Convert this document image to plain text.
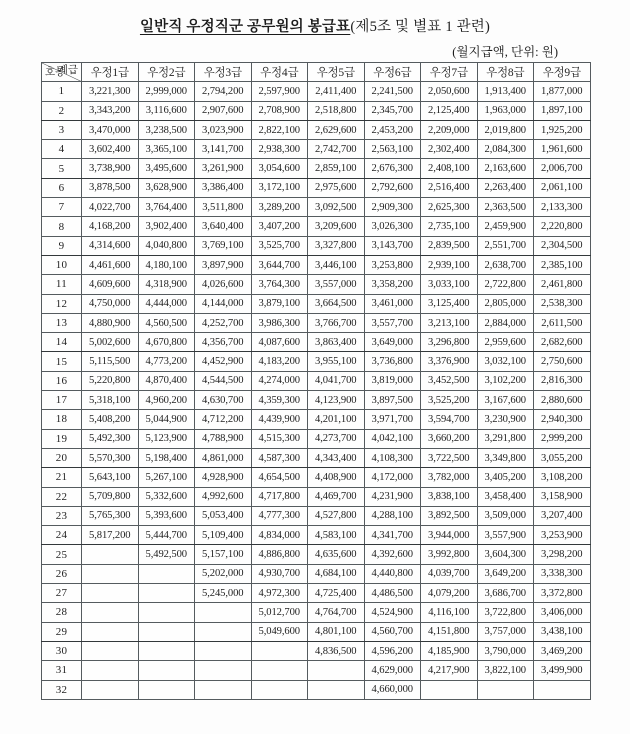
일반직 우정직군 공무원의 봉급표(제5조 및 별표 1 관련)
(월지급액, 단위: 원)
계급
호봉	우정1급	우정2급	우정3급	우정4급	우정5급	우정6급	우정7급	우정8급	우정9급
1	3,221,300	2,999,000	2,794,200	2,597,900	2,411,400	2,241,500	2,050,600	1,913,400	1,877,000
2	3,343,200	3,116,600	2,907,600	2,708,900	2,518,800	2,345,700	2,125,400	1,963,000	1,897,100
3	3,470,000	3,238,500	3,023,900	2,822,100	2,629,600	2,453,200	2,209,000	2,019,800	1,925,200
4	3,602,400	3,365,100	3,141,700	2,938,300	2,742,700	2,563,100	2,302,400	2,084,300	1,961,600
5	3,738,900	3,495,600	3,261,900	3,054,600	2,859,100	2,676,300	2,408,100	2,163,600	2,006,700
6	3,878,500	3,628,900	3,386,400	3,172,100	2,975,600	2,792,600	2,516,400	2,263,400	2,061,100
7	4,022,700	3,764,400	3,511,800	3,289,200	3,092,500	2,909,300	2,625,300	2,363,500	2,133,300
8	4,168,200	3,902,400	3,640,400	3,407,200	3,209,600	3,026,300	2,735,100	2,459,900	2,220,800
9	4,314,600	4,040,800	3,769,100	3,525,700	3,327,800	3,143,700	2,839,500	2,551,700	2,304,500
10	4,461,600	4,180,100	3,897,900	3,644,700	3,446,100	3,253,800	2,939,100	2,638,700	2,385,100
11	4,609,600	4,318,900	4,026,600	3,764,300	3,557,000	3,358,200	3,033,100	2,722,800	2,461,800
12	4,750,000	4,444,000	4,144,000	3,879,100	3,664,500	3,461,000	3,125,400	2,805,000	2,538,300
13	4,880,900	4,560,500	4,252,700	3,986,300	3,766,700	3,557,700	3,213,100	2,884,000	2,611,500
14	5,002,600	4,670,800	4,356,700	4,087,600	3,863,400	3,649,000	3,296,800	2,959,600	2,682,600
15	5,115,500	4,773,200	4,452,900	4,183,200	3,955,100	3,736,800	3,376,900	3,032,100	2,750,600
16	5,220,800	4,870,400	4,544,500	4,274,000	4,041,700	3,819,000	3,452,500	3,102,200	2,816,300
17	5,318,100	4,960,200	4,630,700	4,359,300	4,123,900	3,897,500	3,525,200	3,167,600	2,880,600
18	5,408,200	5,044,900	4,712,200	4,439,900	4,201,100	3,971,700	3,594,700	3,230,900	2,940,300
19	5,492,300	5,123,900	4,788,900	4,515,300	4,273,700	4,042,100	3,660,200	3,291,800	2,999,200
20	5,570,300	5,198,400	4,861,000	4,587,300	4,343,400	4,108,300	3,722,500	3,349,800	3,055,200
21	5,643,100	5,267,100	4,928,900	4,654,500	4,408,900	4,172,000	3,782,000	3,405,200	3,108,200
22	5,709,800	5,332,600	4,992,600	4,717,800	4,469,700	4,231,900	3,838,100	3,458,400	3,158,900
23	5,765,300	5,393,600	5,053,400	4,777,300	4,527,800	4,288,100	3,892,500	3,509,000	3,207,400
24	5,817,200	5,444,700	5,109,400	4,834,000	4,583,100	4,341,700	3,944,000	3,557,900	3,253,900
25		5,492,500	5,157,100	4,886,800	4,635,600	4,392,600	3,992,800	3,604,300	3,298,200
26			5,202,000	4,930,700	4,684,100	4,440,800	4,039,700	3,649,200	3,338,300
27			5,245,000	4,972,300	4,725,400	4,486,500	4,079,200	3,686,700	3,372,800
28				5,012,700	4,764,700	4,524,900	4,116,100	3,722,800	3,406,000
29				5,049,600	4,801,100	4,560,700	4,151,800	3,757,000	3,438,100
30					4,836,500	4,596,200	4,185,900	3,790,000	3,469,200
31						4,629,000	4,217,900	3,822,100	3,499,900
32						4,660,000			
